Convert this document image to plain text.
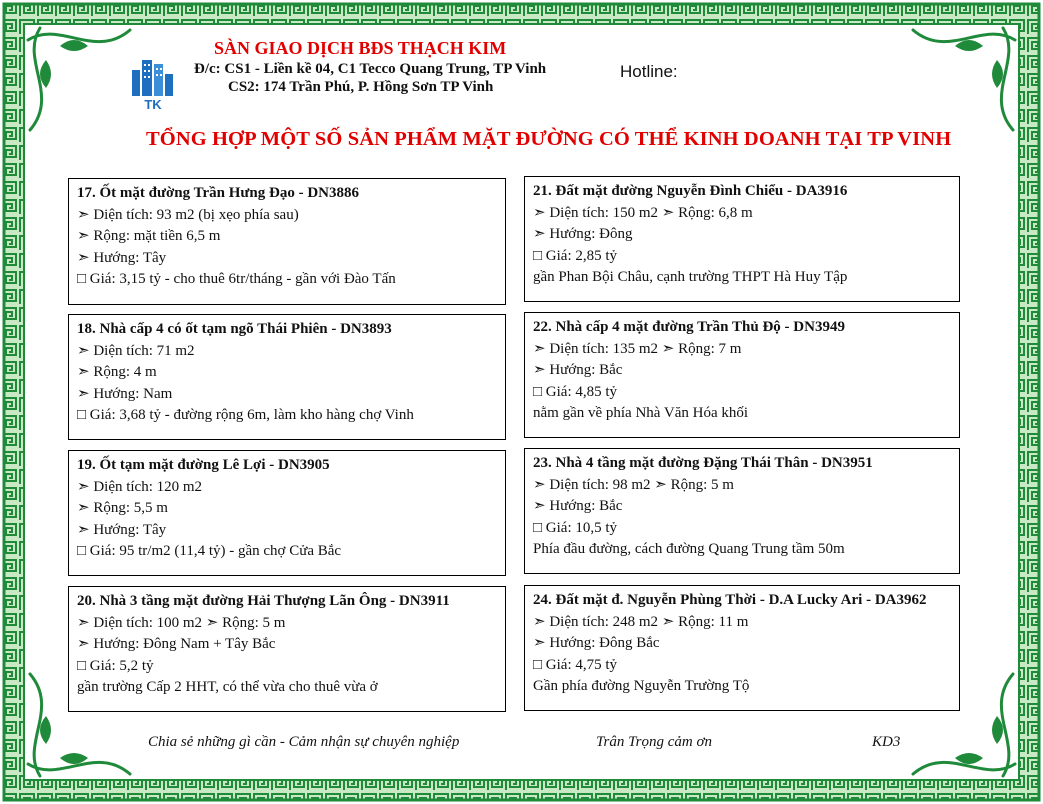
TK
SÀN GIAO DỊCH BĐS THẠCH KIM
Đ/c: CS1 - Liền kề 04, C1 Tecco Quang Trung, TP Vinh
CS2: 174 Trần Phú, P. Hồng Sơn TP Vinh
Hotline:
TỔNG HỢP MỘT SỐ SẢN PHẨM MẶT ĐƯỜNG CÓ THỂ KINH DOANH TẠI TP VINH
17. Ốt mặt đường Trần Hưng Đạo - DN3886
➣ Diện tích: 93 m2 (bị xẹo phía sau)
➣ Rộng: mặt tiền 6,5 m
➣ Hướng: Tây
□ Giá: 3,15 tỷ - cho thuê 6tr/tháng - gần với Đào Tấn
18. Nhà cấp 4 có ốt tạm ngõ Thái Phiên - DN3893
➣ Diện tích: 71 m2
➣ Rộng: 4 m
➣ Hướng: Nam
□ Giá: 3,68 tỷ - đường rộng 6m, làm kho hàng chợ Vinh
19. Ốt tạm mặt đường Lê Lợi - DN3905
➣ Diện tích: 120 m2
➣ Rộng: 5,5 m
➣ Hướng: Tây
□ Giá: 95 tr/m2 (11,4 tỷ) - gần chợ Cửa Bắc
20. Nhà 3 tầng mặt đường Hải Thượng Lãn Ông - DN3911
➣ Diện tích: 100 m2 ➣ Rộng: 5 m
➣ Hướng: Đông Nam + Tây Bắc
□ Giá: 5,2 tỷ
gần trường Cấp 2 HHT, có thể vừa cho thuê vừa ở
21. Đất mặt đường Nguyễn Đình Chiểu - DA3916
➣ Diện tích: 150 m2 ➣ Rộng: 6,8 m
➣ Hướng: Đông
□ Giá: 2,85 tỷ
gần Phan Bội Châu, cạnh trường THPT Hà Huy Tập
22. Nhà cấp 4 mặt đường Trần Thủ Độ - DN3949
➣ Diện tích: 135 m2 ➣ Rộng: 7 m
➣ Hướng: Bắc
□ Giá: 4,85 tỷ
nằm gần về phía Nhà Văn Hóa khối
23. Nhà 4 tầng mặt đường Đặng Thái Thân - DN3951
➣ Diện tích: 98 m2 ➣ Rộng: 5 m
➣ Hướng: Bắc
□ Giá: 10,5 tỷ
Phía đầu đường, cách đường Quang Trung tầm 50m
24. Đất mặt đ. Nguyễn Phùng Thời - D.A Lucky Ari - DA3962
➣ Diện tích: 248 m2 ➣ Rộng: 11 m
➣ Hướng: Đông Bắc
□ Giá: 4,75 tỷ
Gần phía đường Nguyễn Trường Tộ
Chia sẻ những gì cần - Cảm nhận sự chuyên nghiệp	Trân Trọng cảm ơn	KD3
